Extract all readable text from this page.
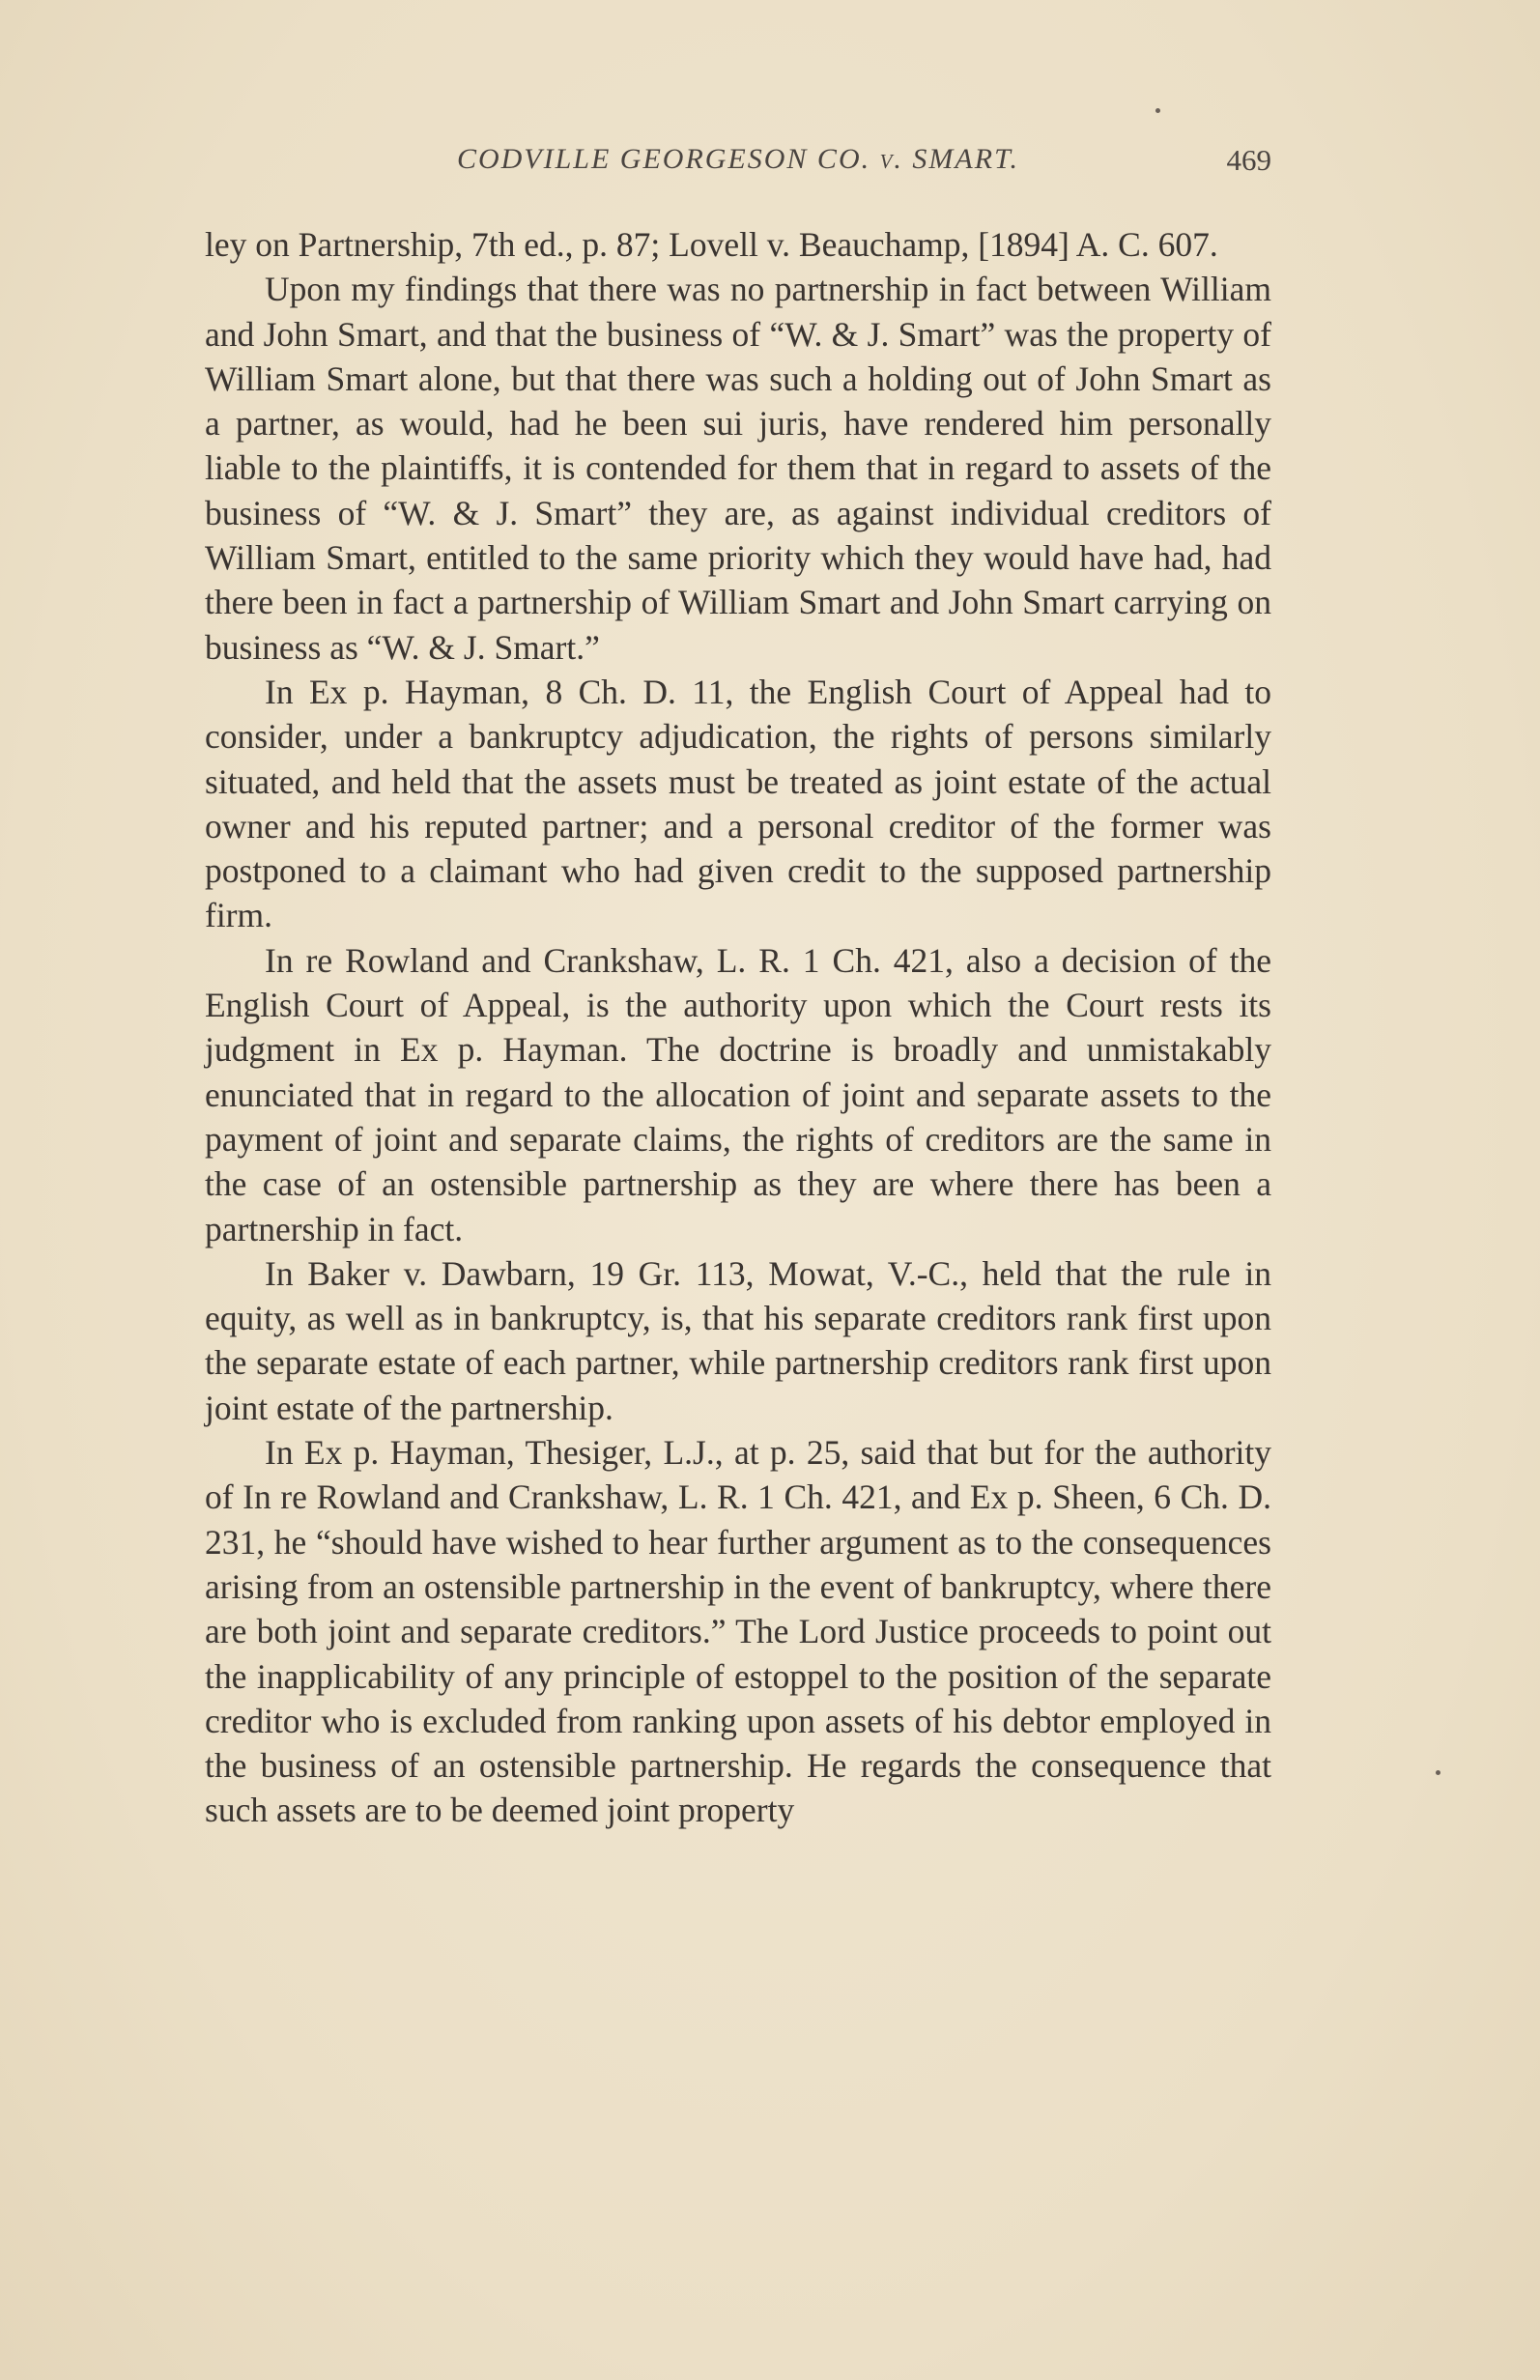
CODVILLE GEORGESON CO. v. SMART.	469

ley on Partnership, 7th ed., p. 87; Lovell v. Beauchamp, [1894] A. C. 607.

Upon my findings that there was no partnership in fact between William and John Smart, and that the business of “W. & J. Smart” was the property of William Smart alone, but that there was such a holding out of John Smart as a partner, as would, had he been sui juris, have rendered him personally liable to the plaintiffs, it is contended for them that in regard to assets of the business of “W. & J. Smart” they are, as against individual creditors of William Smart, entitled to the same priority which they would have had, had there been in fact a partnership of William Smart and John Smart carrying on business as “W. & J. Smart.”

In Ex p. Hayman, 8 Ch. D. 11, the English Court of Appeal had to consider, under a bankruptcy adjudication, the rights of persons similarly situated, and held that the assets must be treated as joint estate of the actual owner and his reputed partner; and a personal creditor of the former was postponed to a claimant who had given credit to the supposed partnership firm.

In re Rowland and Crankshaw, L. R. 1 Ch. 421, also a decision of the English Court of Appeal, is the authority upon which the Court rests its judgment in Ex p. Hayman. The doctrine is broadly and unmistakably enunciated that in regard to the allocation of joint and separate assets to the payment of joint and separate claims, the rights of creditors are the same in the case of an ostensible partnership as they are where there has been a partnership in fact.

In Baker v. Dawbarn, 19 Gr. 113, Mowat, V.-C., held that the rule in equity, as well as in bankruptcy, is, that his separate creditors rank first upon the separate estate of each partner, while partnership creditors rank first upon joint estate of the partnership.

In Ex p. Hayman, Thesiger, L.J., at p. 25, said that but for the authority of In re Rowland and Crankshaw, L. R. 1 Ch. 421, and Ex p. Sheen, 6 Ch. D. 231, he “should have wished to hear further argument as to the consequences arising from an ostensible partnership in the event of bankruptcy, where there are both joint and separate creditors.” The Lord Justice proceeds to point out the inapplicability of any principle of estoppel to the position of the separate creditor who is excluded from ranking upon assets of his debtor employed in the business of an ostensible partnership. He regards the consequence that such assets are to be deemed joint property
